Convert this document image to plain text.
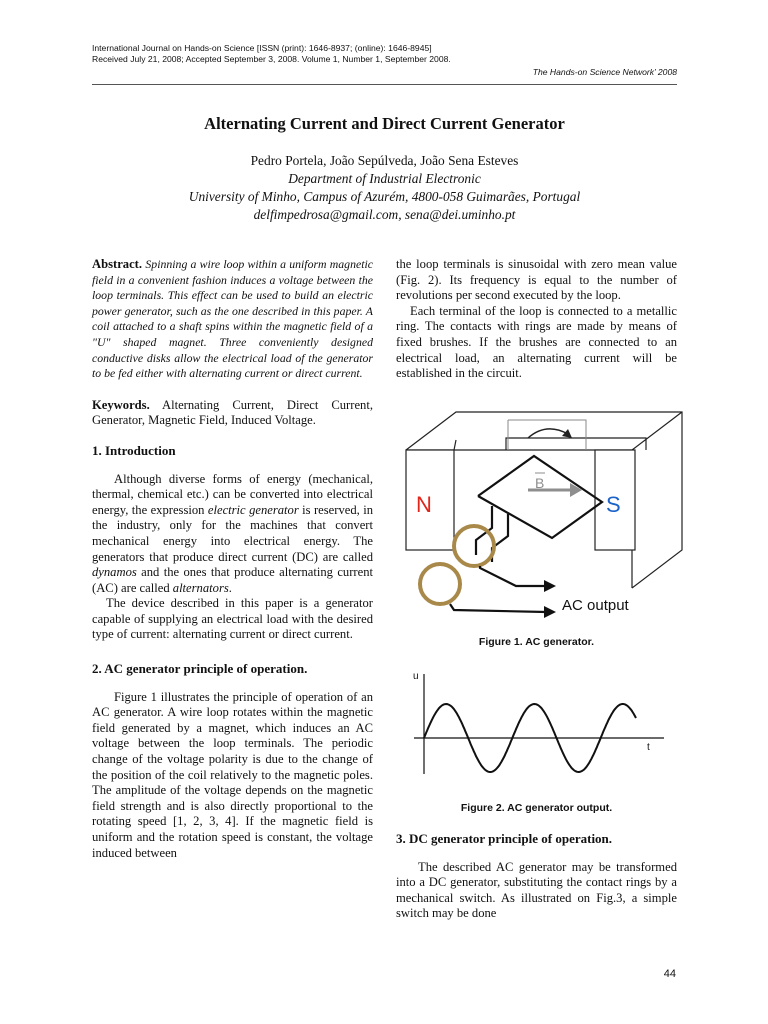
International Journal on Hands-on Science [ISSN (print): 1646-8937; (online): 1646-8945]
Received July 21, 2008; Accepted September 3, 2008. Volume 1, Number 1, September 2008.
The Hands-on Science Network’ 2008
Alternating Current and Direct Current Generator
Pedro Portela, João Sepúlveda, João Sena Esteves
Department of Industrial Electronic
University of Minho, Campus of Azurém, 4800-058 Guimarães, Portugal
delfimpedrosa@gmail.com, sena@dei.uminho.pt

Abstract. Spinning a wire loop within a uniform magnetic field in a convenient fashion induces a voltage between the loop terminals. This effect can be used to build an electric power generator, such as the one described in this paper. A coil attached to a shaft spins within the magnetic field of a "U" shaped magnet. Three conveniently designed conductive disks allow the electrical load of the generator to be fed either with alternating current or direct current.

Keywords. Alternating Current, Direct Current, Generator, Magnetic Field, Induced Voltage.

1. Introduction

Although diverse forms of energy (mechanical, thermal, chemical etc.) can be converted into electrical energy, the expression electric generator is reserved, in the industry, only for the machines that convert mechanical energy into electrical energy. The generators that produce direct current (DC) are called dynamos and the ones that produce alternating current (AC) are called alternators.

The device described in this paper is a generator capable of supplying an electrical load with the desired type of current: alternating current or direct current.

2. AC generator principle of operation.

Figure 1 illustrates the principle of operation of an AC generator. A wire loop rotates within the magnetic field generated by a magnet, which induces an AC voltage between the loop terminals. The periodic change of the voltage polarity is due to the change of the position of the coil relatively to the magnetic poles. The amplitude of the voltage depends on the magnetic field strength and is also directly proportional to the rotating speed [1, 2, 3, 4]. If the magnetic field is uniform and the rotation speed is constant, the voltage induced between

the loop terminals is sinusoidal with zero mean value (Fig. 2). Its frequency is equal to the number of revolutions per second executed by the loop.

Each terminal of the loop is connected to a metallic ring. The contacts with rings are made by means of fixed brushes. If the brushes are connected to an electrical load, an alternating current will be established in the circuit.

B
N	S
AC output
Figure 1. AC generator.
u
t
Figure 2. AC generator output.

3. DC generator principle of operation.

The described AC generator may be transformed into a DC generator, substituting the contact rings by a mechanical switch. As illustrated on Fig.3, a simple switch may be done

44
